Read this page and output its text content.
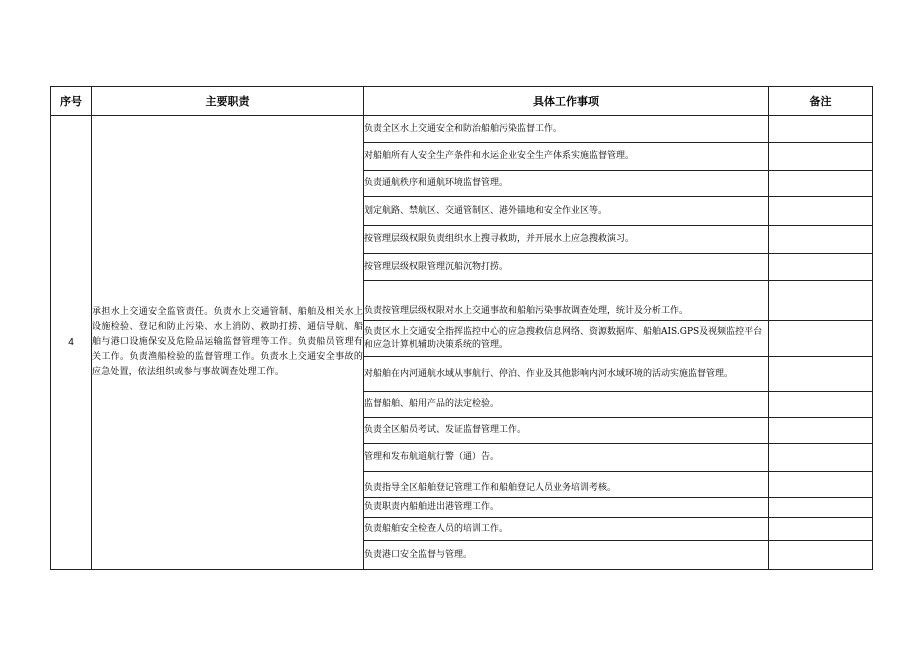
序号	主要职责	具体工作事项	备注
4	承担水上交通安全监管责任。负责水上交通管制、船舶及相关水上设施检验、登记和防止污染、水上消防、救助打捞、通信导航、船舶与港口设施保安及危险品运输监督管理等工作。负责船员管理有关工作。负责渔船检验的监督管理工作。负责水上交通安全事故的应急处置，依法组织或参与事故调查处理工作。	负责全区水上交通安全和防治船舶污染监督工作。	
		对船舶所有人安全生产条件和水运企业安全生产体系实施监督管理。	
		负责通航秩序和通航环境监督管理。	
		划定航路、禁航区、交通管制区、港外锚地和安全作业区等。	
		按管理层级权限负责组织水上搜寻救助，并开展水上应急搜救演习。	
		按管理层级权限管理沉船沉物打捞。	
		负责按管理层级权限对水上交通事故和船舶污染事故调查处理，统计及分析工作。	
		负责区水上交通安全指挥监控中心的应急搜救信息网络、资源数据库、船舶AIS.GPS及视频监控平台和应急计算机辅助决策系统的管理。	
		对船舶在内河通航水域从事航行、停泊、作业及其他影响内河水域环境的活动实施监督管理。	
		监督船舶、船用产品的法定检验。	
		负责全区船员考试、发证监督管理工作。	
		管理和发布航道航行警（通）告。	
		负责指导全区船舶登记管理工作和船舶登记人员业务培训考核。	
		负责职责内船舶进出港管理工作。	
		负责船舶安全检查人员的培训工作。	
		负责港口安全监督与管理。	
